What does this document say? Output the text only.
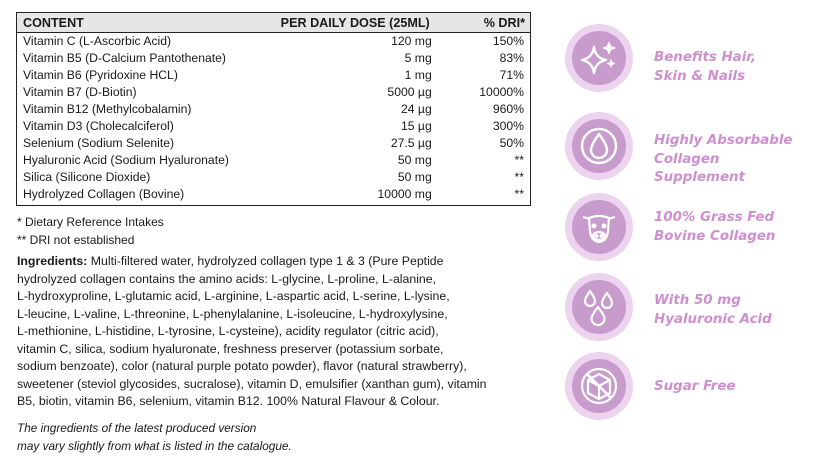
CONTENT	PER DAILY DOSE (25ML)	% DRI*
Vitamin C (L-Ascorbic Acid)	120 mg	150%
Vitamin B5 (D-Calcium Pantothenate)	5 mg	83%
Vitamin B6 (Pyridoxine HCL)	1 mg	71%
Vitamin B7 (D-Biotin)	5000 µg	10000%
Vitamin B12 (Methylcobalamin)	24 µg	960%
Vitamin D3 (Cholecalciferol)	15 µg	300%
Selenium (Sodium Selenite)	27.5 µg	50%
Hyaluronic Acid (Sodium Hyaluronate)	50 mg	**
Silica (Silicone Dioxide)	50 mg	**
Hydrolyzed Collagen (Bovine)	10000 mg	**
* Dietary Reference Intakes
** DRI not established
Ingredients: Multi-filtered water, hydrolyzed collagen type 1 & 3 (Pure Peptide
hydrolyzed collagen contains the amino acids: L-glycine, L-proline, L-alanine,
L-hydroxyproline, L-glutamic acid, L-arginine, L-aspartic acid, L-serine, L-lysine,
L-leucine, L-valine, L-threonine, L-phenylalanine, L-isoleucine, L-hydroxylysine,
L-methionine, L-histidine, L-tyrosine, L-cysteine), acidity regulator (citric acid),
vitamin C, silica, sodium hyaluronate, freshness preserver (potassium sorbate,
sodium benzoate), color (natural purple potato powder), flavor (natural strawberry),
sweetener (steviol glycosides, sucralose), vitamin D, emulsifier (xanthan gum), vitamin
B5, biotin, vitamin B6, selenium, vitamin B12. 100% Natural Flavour & Colour.
The ingredients of the latest produced version
may vary slightly from what is listed in the catalogue.
Benefits Hair,
Skin & Nails
Highly Absorbable
Collagen Supplement
100% Grass Fed
Bovine Collagen
With 50 mg
Hyaluronic Acid
Sugar Free
